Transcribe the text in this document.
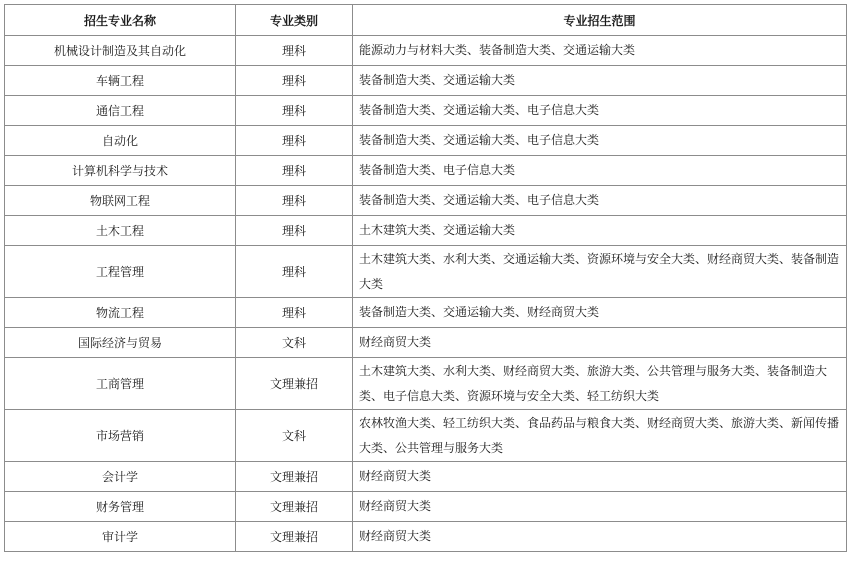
招生专业名称	专业类别	专业招生范围
机械设计制造及其自动化	理科	能源动力与材料大类、装备制造大类、交通运输大类
车辆工程	理科	装备制造大类、交通运输大类
通信工程	理科	装备制造大类、交通运输大类、电子信息大类
自动化	理科	装备制造大类、交通运输大类、电子信息大类
计算机科学与技术	理科	装备制造大类、电子信息大类
物联网工程	理科	装备制造大类、交通运输大类、电子信息大类
土木工程	理科	土木建筑大类、交通运输大类
工程管理	理科	土木建筑大类、水利大类、交通运输大类、资源环境与安全大类、财经商贸大类、装备制造大类
物流工程	理科	装备制造大类、交通运输大类、财经商贸大类
国际经济与贸易	文科	财经商贸大类
工商管理	文理兼招	土木建筑大类、水利大类、财经商贸大类、旅游大类、公共管理与服务大类、装备制造大类、电子信息大类、资源环境与安全大类、轻工纺织大类
市场营销	文科	农林牧渔大类、轻工纺织大类、食品药品与粮食大类、财经商贸大类、旅游大类、新闻传播大类、公共管理与服务大类
会计学	文理兼招	财经商贸大类
财务管理	文理兼招	财经商贸大类
审计学	文理兼招	财经商贸大类
